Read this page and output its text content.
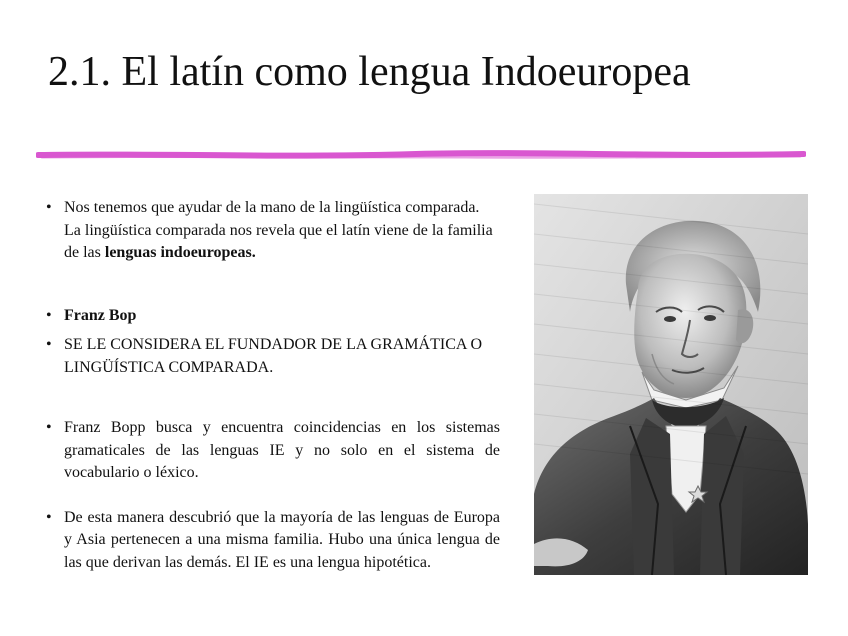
2.1. El latín como lengua Indoeuropea
• Nos tenemos que ayudar de la mano de la lingüística comparada. La lingüística comparada nos revela que el latín viene de la familia de las lenguas indoeuropeas.
• Franz Bop
• SE LE CONSIDERA EL FUNDADOR DE LA GRAMÁTICA O LINGÜÍSTICA COMPARADA.
• Franz Bopp busca y encuentra coincidencias en los sistemas gramaticales de las lenguas IE y no solo en el sistema de vocabulario o léxico.
• De esta manera descubrió que la mayoría de las lenguas de Europa y Asia pertenecen a una misma familia. Hubo una única lengua de las que derivan las demás. El IE es una lengua hipotética.
